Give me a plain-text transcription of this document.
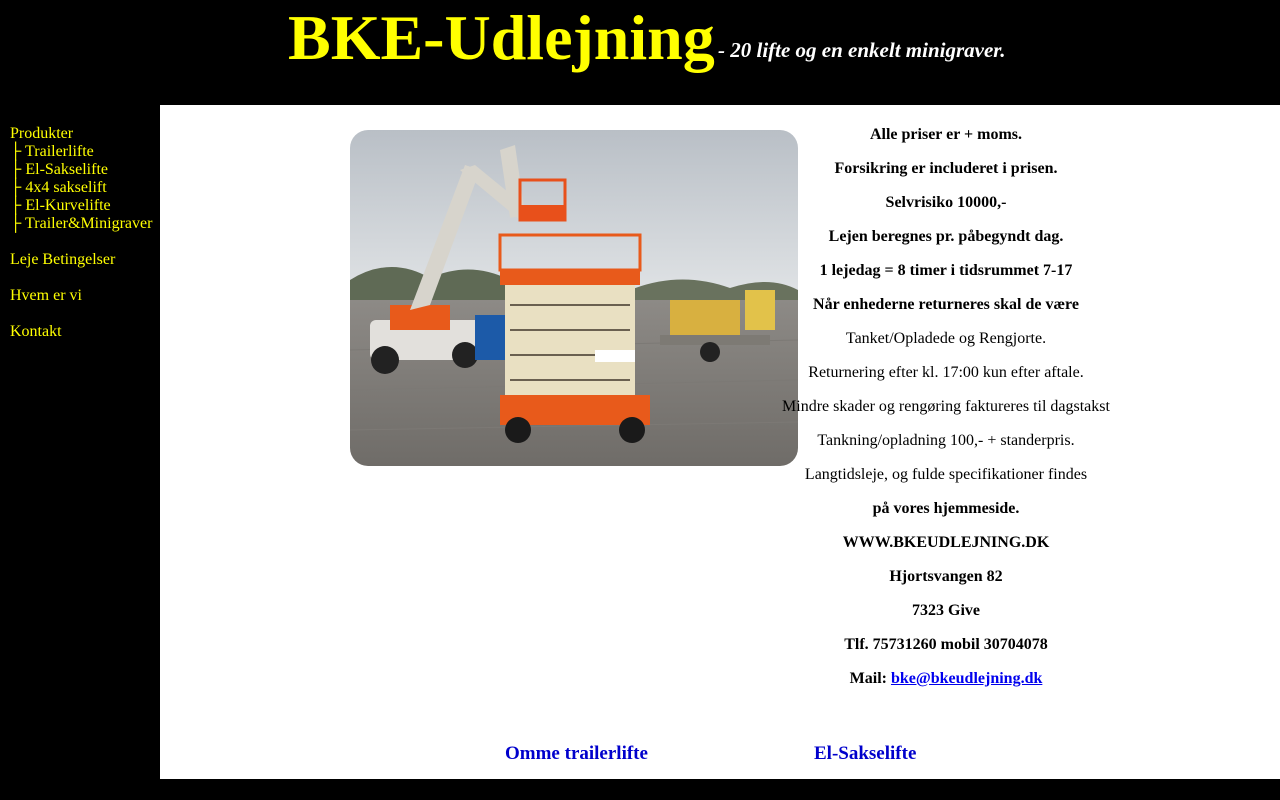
BKE-Udlejning - 20 lifte og en enkelt minigraver.
Produkter
├ Trailerlifte
├ El-Sakselifte
├ 4x4 sakselift
├ El-Kurvelifte
├ Trailer&Minigraver
Leje Betingelser
Hvem er vi
Kontakt
Alle priser er + moms.
Forsikring er includeret i prisen.
Selvrisiko 10000,-
Lejen beregnes pr. påbegyndt dag.
1 lejedag = 8 timer i tidsrummet 7-17
Når enhederne returneres skal de være
Tanket/Opladede og Rengjorte.
Returnering efter kl. 17:00 kun efter aftale.
Mindre skader og rengøring faktureres til dagstakst
Tankning/opladning 100,- + standerpris.
Langtidsleje, og fulde specifikationer findes
på vores hjemmeside.
WWW.BKEUDLEJNING.DK
Hjortsvangen 82
7323 Give
Tlf. 75731260 mobil 30704078
Mail: bke@bkeudlejning.dk
Omme trailerlifte	El-Sakselifte
